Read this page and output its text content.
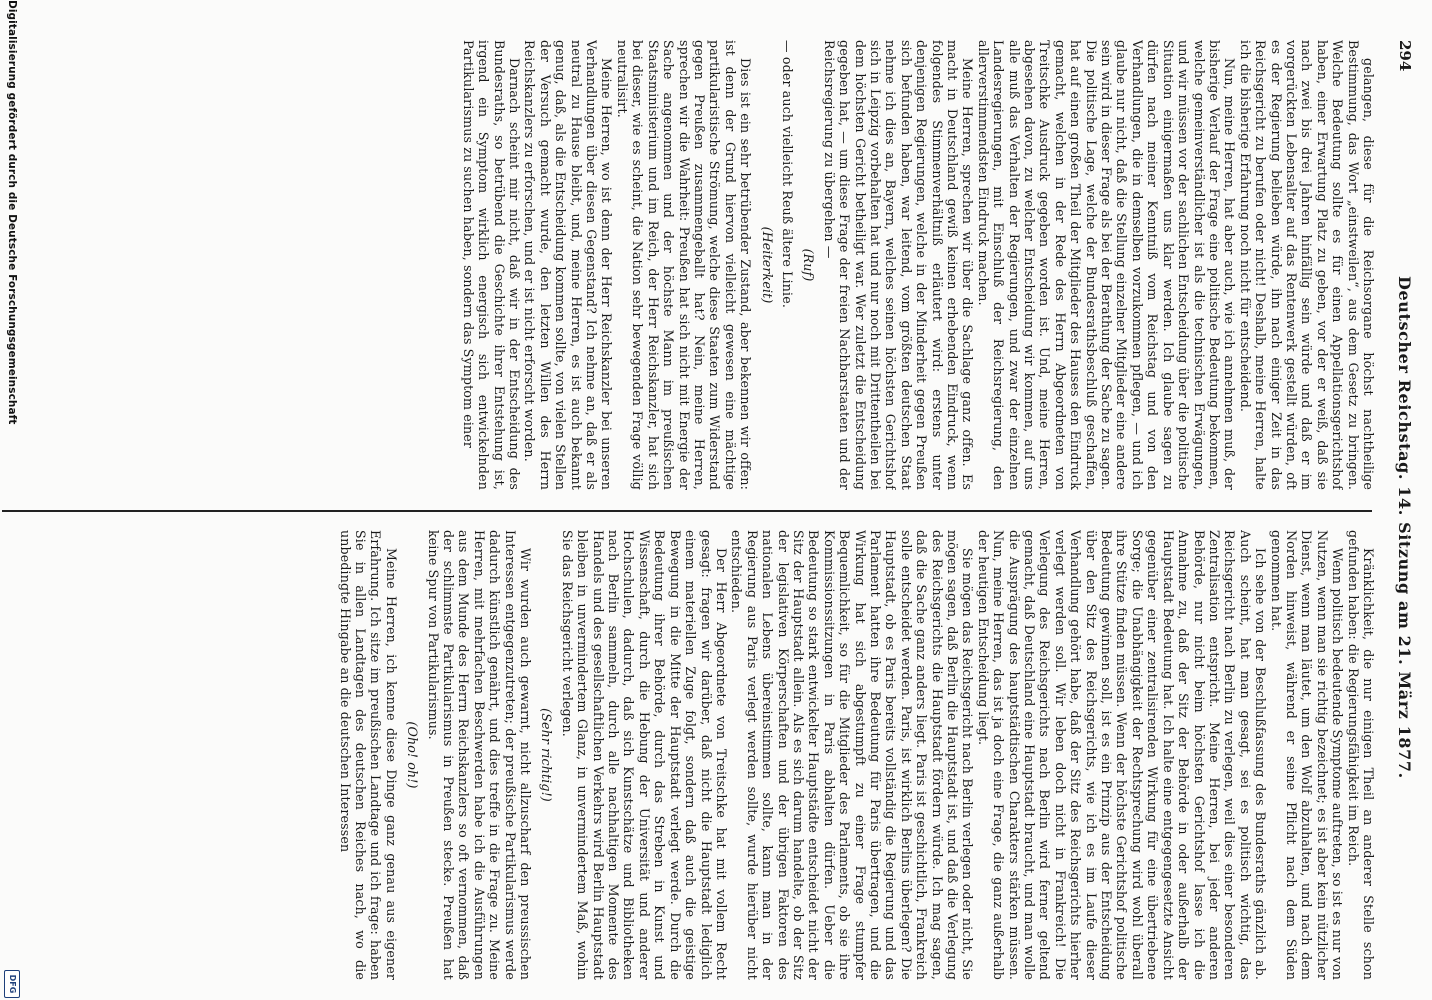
294
Deutscher Reichstag. 14. Sitzung am 21. März 1877.

gelangen, diese für die Reichsorgane höchst nachtheilige Bestimmung, das Wort „einstweilen“, aus dem Gesetz zu bringen. Welche Bedeutung sollte es für einen Appellationsgerichtshof haben, einer Erwartung Platz zu geben, vor der er weiß, daß sie nach zwei bis drei Jahren hinfällig sein würde und daß er im vorgerückten Lebensalter auf das Rentenwerk gestellt würden, oft es der Regierung belieben würde, ihn nach einiger Zeit in das Reichsgericht zu berufen oder nicht! Deshalb, meine Herren, halte ich die bisherige Erfahrung noch nicht für entscheidend.

Nun, meine Herren, hat aber auch, wie ich annehmen muß, der bisherige Verlauf der Frage eine politische Bedeutung bekommen, welche gemeinverständlicher ist als die technischen Erwägungen, und wir müssen vor der sachlichen Entscheidung über die politische Situation einigermaßen uns klar werden. Ich glaube sagen zu dürfen nach meiner Kenntniß vom Reichstag und von den Verhandlungen, die in demselben vorzukommen pflegen, — und ich glaube nur nicht, daß die Stellung einzelner Mitglieder eine andere sein wird in dieser Frage als bei der Berathung der Sache zu sagen. Die politische Lage, welche der Bundesrathsbeschluß geschaffen, hat auf einen großen Theil der Mitglieder des Hauses den Eindruck gemacht, welchen in der Rede des Herrn Abgeordneten von Treitschke Ausdruck gegeben worden ist. Und, meine Herren, abgesehen davon, zu welcher Entscheidung wir kommen, auf uns alle muß das Verhalten der Regierungen, und zwar der einzelnen Landesregierungen, mit Einschluß der Reichsregierung, den allerverstimmendsten Eindruck machen.

Meine Herren, sprechen wir über die Sachlage ganz offen. Es macht in Deutschland gewiß keinen erhebenden Eindruck, wenn folgendes Stimmenverhältniß erläutert wird: erstens unter denjenigen Regierungen, welche in der Minderheit gegen Preußen sich befunden haben, war leitend, vom größten deutschen Staat nehme ich dies an, Bayern, welches seinen höchsten Gerichtshof sich in Leipzig vorbehalten hat und nur noch mit Drittentheilen bei dem höchsten Gericht betheiligt war. Wer zuletzt die Entscheidung gegeben hat, — um diese Frage der freien Nachbarstaaten und der Reichsregierung zu übergehen —

(Ruf)

— oder auch vielleicht Reuß ältere Linie.

(Heiterkeit)

Dies ist ein sehr betrübender Zustand, aber bekennen wir offen: ist denn der Grund hiervon vielleicht gewesen eine mächtige partikularistische Strömung, welche diese Staaten zum Widerstand gegen Preußen zusammengeballt hat? Nein, meine Herren, sprechen wir die Wahrheit: Preußen hat sich nicht mit Energie der Sache angenommen und der höchste Mann im preußischen Staatsministerium und im Reich, der Herr Reichskanzler, hat sich bei dieser, wie es scheint, die Nation sehr bewegenden Frage völlig neutralisirt.

Meine Herren, wo ist denn der Herr Reichskanzler bei unseren Verhandlungen über diesen Gegenstand? Ich nehme an, daß er als neutral zu Hause bleibt, und, meine Herren, es ist auch bekannt genug, daß, als die Entscheidung kommen sollte, von vielen Stellen der Versuch gemacht wurde, den letzten Willen des Herrn Reichskanzlers zu erforschen, und er ist nicht erforscht worden.

Darnach scheint mir nicht, daß wir in der Entscheidung des Bundesraths, so betrübend die Geschichte ihrer Entstehung ist, irgend ein Symptom wirklich energisch sich entwickelnden Partikularismus zu suchen haben, sondern das Symptom einer

Kränklichkeit, die nur einigen Theil an anderer Stelle schon gefunden haben: die Regierungsfähigkeit im Reich.

Wenn politisch bedeutende Symptome auftreten, so ist es nur von Nutzen, wenn man sie richtig bezeichnet; es ist aber kein nützlicher Dienst, wenn man läutet, um den Wolf abzuhalten, und nach dem Norden hinweist, während er seine Pflicht nach dem Süden genommen hat.

Ich sehe von der Beschlußfassung des Bundesraths gänzlich ab. Auch scheint, hat man gesagt, sei es politisch wichtig, das Reichsgericht nach Berlin zu verlegen, weil dies einer besonderen Zentralisation entspricht. Meine Herren, bei jeder anderen Behörde, nur nicht beim höchsten Gerichtshof lasse ich die Annahme zu, daß der Sitz der Behörde in oder außerhalb der Hauptstadt Bedeutung hat. Ich halte eine entgegengesetzte Ansicht gegenüber einer zentralisirenden Wirkung für eine übertriebene Sorge; die Unabhängigkeit der Rechtsprechung wird wohl überall ihre Stütze finden müssen. Wenn der höchste Gerichtshof politische Bedeutung gewinnen soll, ist es ein Prinzip aus der Entscheidung über den Sitz des Reichsgerichts, wie ich es im Laufe dieser Verhandlung gehört habe, daß der Sitz des Reichsgerichts hierher verlegt werden soll. Wir leben doch nicht in Frankreich! Die Verlegung des Reichsgerichts nach Berlin wird ferner geltend gemacht, daß Deutschland eine Hauptstadt braucht, und man wolle die Ausprägung des hauptstädtischen Charakters stärken müssen. Nun, meine Herren, das ist ja doch eine Frage, die ganz außerhalb der heutigen Entscheidung liegt.

Sie mögen das Reichsgericht nach Berlin verlegen oder nicht, Sie mögen sagen, daß Berlin die Hauptstadt ist, und daß die Verlegung des Reichsgerichts die Hauptstadt fördern würde. Ich mag sagen, daß die Sache ganz anders liegt. Paris ist geschichtlich, Frankreich solle entscheidet werden. Paris, ist wirklich Berlins überlegen? Die Hauptstadt, ob es Paris bereits vollständig die Regierung und das Parlament hatten ihre Bedeutung für Paris übertragen, und die Wirkung hat sich abgestumpft zu einer Frage stumpfer Bequemlichkeit, so für die Mitglieder des Parlaments, ob sie ihre Kommissionssitzungen in Paris abhalten dürfen. Ueber die Bedeutung so stark entwickelter Hauptstädte entscheidet nicht der Sitz der Hauptstadt allein. Als es sich darum handelte, ob der Sitz der legislativen Körperschaften und der übrigen Faktoren des nationalen Lebens übereinstimmen sollte, kann man in der Regierung aus Paris verlegt werden sollte, wurde hierüber nicht entschieden.

Der Herr Abgeordnete von Treitschke hat mit vollem Recht gesagt: fragen wir darüber, daß nicht die Hauptstadt lediglich einem materiellen Zuge folgt, sondern daß auch die geistige Bewegung in die Mitte der Hauptstadt verlegt werde. Durch die Bedeutung ihrer Behörde, durch das Streben in Kunst und Wissenschaft, durch die Hebung der Universität und anderer Hochschulen, dadurch, daß sich Kunstschätze und Bibliotheken nach Berlin sammeln, durch alle nachhaltigen Momente des Handels und des gesellschaftlichen Verkehrs wird Berlin Hauptstadt bleiben in unvermindertem Glanz, in unvermindertem Maß, wohin Sie das Reichsgericht verlegen.

(Sehr richtig!)

Wir wurden auch gewarnt, nicht allzuscharf den preussischen Interessen entgegenzutreten; der preußische Partikularismus werde dadurch künstlich genährt, und dies treffe in die Frage zu. Meine Herren, mit mehrfachen Beschwerden habe ich die Ausführungen aus dem Munde des Herrn Reichskanzlers so oft vernommen, daß der schlimmste Partikularismus in Preußen stecke. Preußen hat keine Spur von Partikularismus.

(Oho! oh!)

Meine Herren, ich kenne diese Dinge ganz genau aus eigener Erfahrung. Ich sitze im preußischen Landtage und ich frage: haben Sie in allen Landtagen des deutschen Reiches nach, wo die unbedingte Hingabe an die deutschen Interessen

Digitalisierung gefördert durch die Deutsche Forschungsgemeinschaft
DFG
